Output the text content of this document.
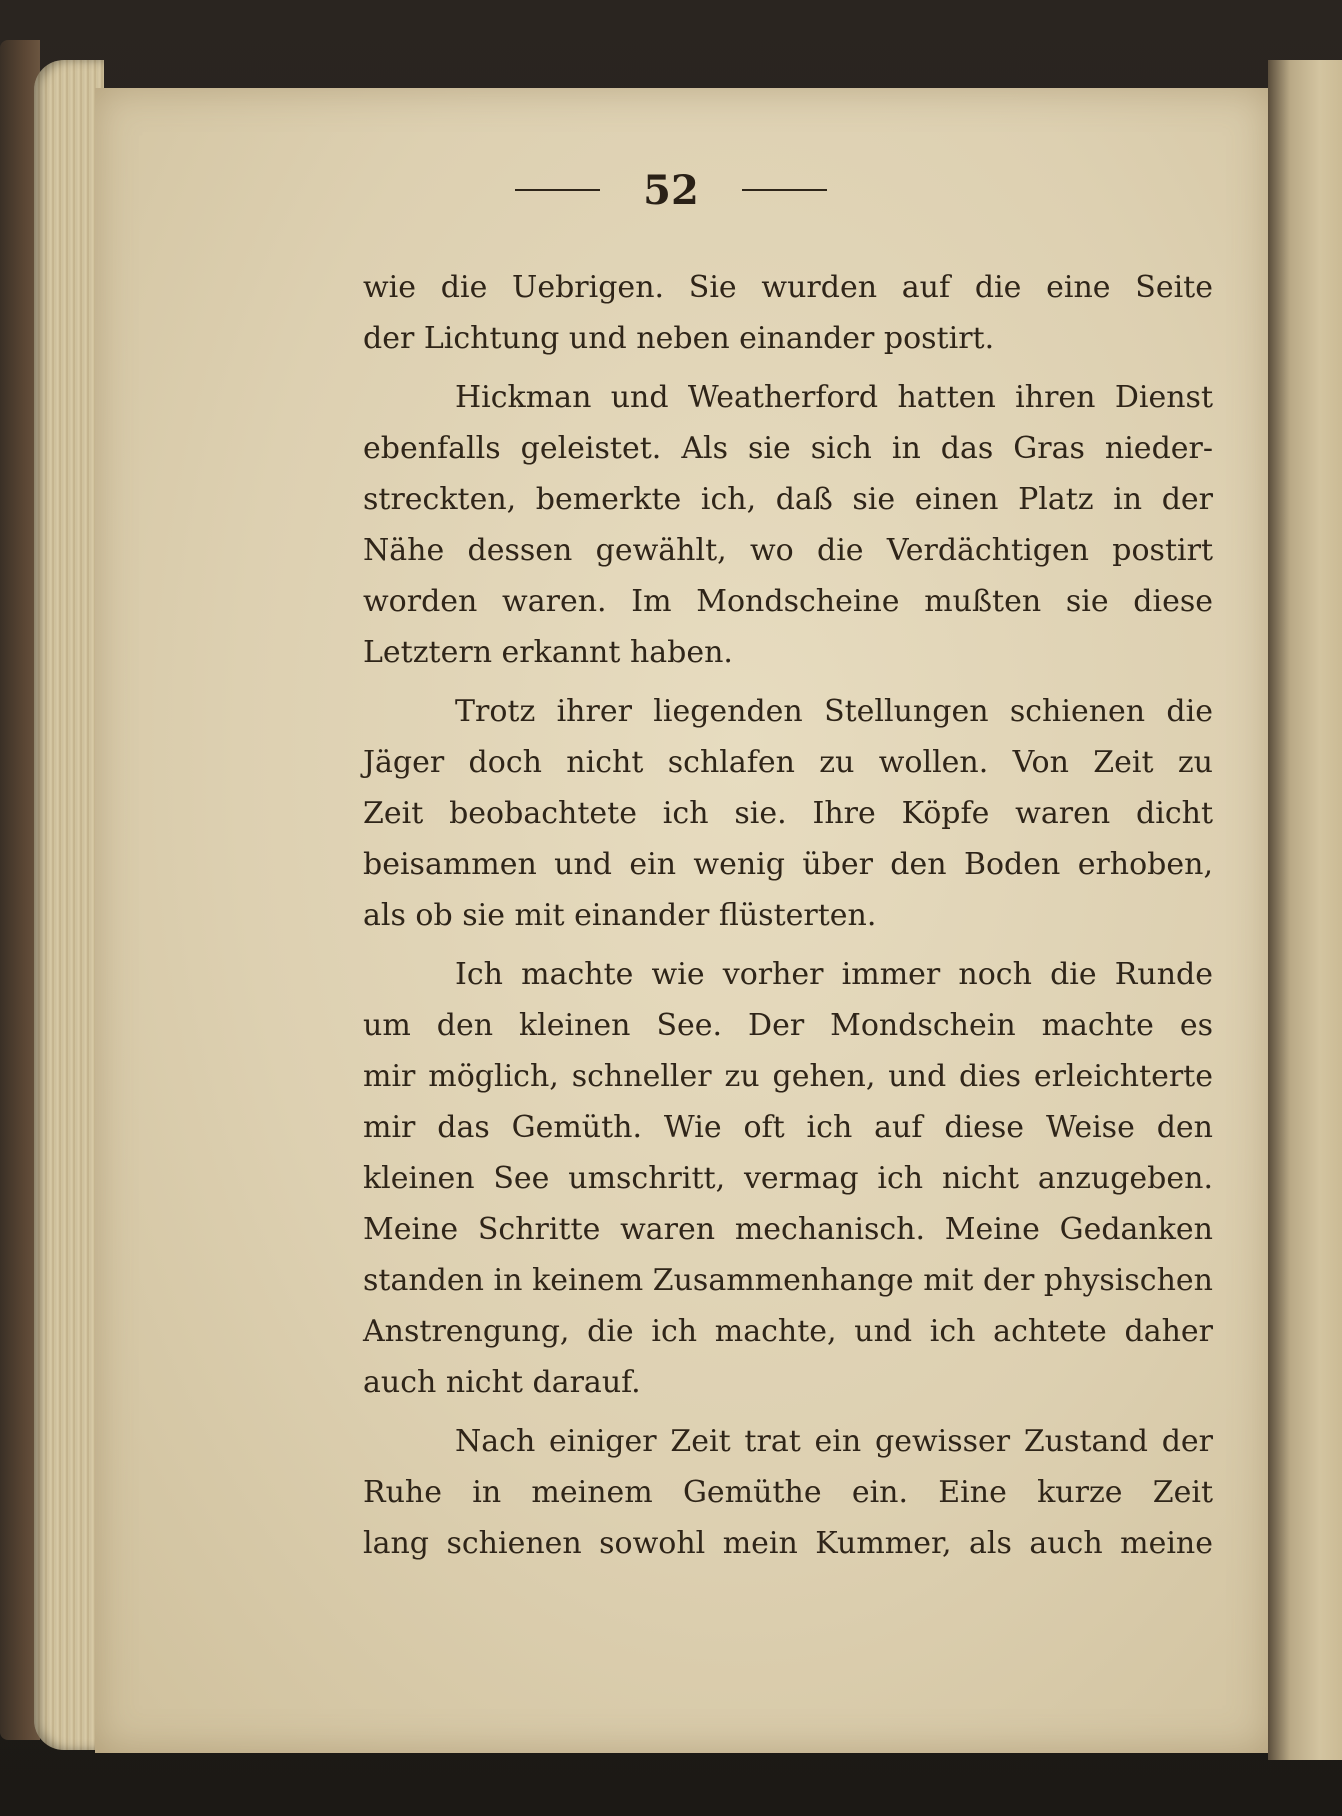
52

wie die Uebrigen. Sie wurden auf die eine Seite
der Lichtung und neben einander postirt.

Hickman und Weatherford hatten ihren Dienst
ebenfalls geleistet. Als sie sich in das Gras nieder-
streckten, bemerkte ich, daß sie einen Platz in der
Nähe dessen gewählt, wo die Verdächtigen postirt
worden waren. Im Mondscheine mußten sie diese
Letztern erkannt haben.

Trotz ihrer liegenden Stellungen schienen die
Jäger doch nicht schlafen zu wollen. Von Zeit zu
Zeit beobachtete ich sie. Ihre Köpfe waren dicht
beisammen und ein wenig über den Boden erhoben,
als ob sie mit einander flüsterten.

Ich machte wie vorher immer noch die Runde
um den kleinen See. Der Mondschein machte es
mir möglich, schneller zu gehen, und dies erleichterte
mir das Gemüth. Wie oft ich auf diese Weise den
kleinen See umschritt, vermag ich nicht anzugeben.
Meine Schritte waren mechanisch. Meine Gedanken
standen in keinem Zusammenhange mit der physischen
Anstrengung, die ich machte, und ich achtete daher
auch nicht darauf.

Nach einiger Zeit trat ein gewisser Zustand der
Ruhe in meinem Gemüthe ein. Eine kurze Zeit
lang schienen sowohl mein Kummer, als auch meine
